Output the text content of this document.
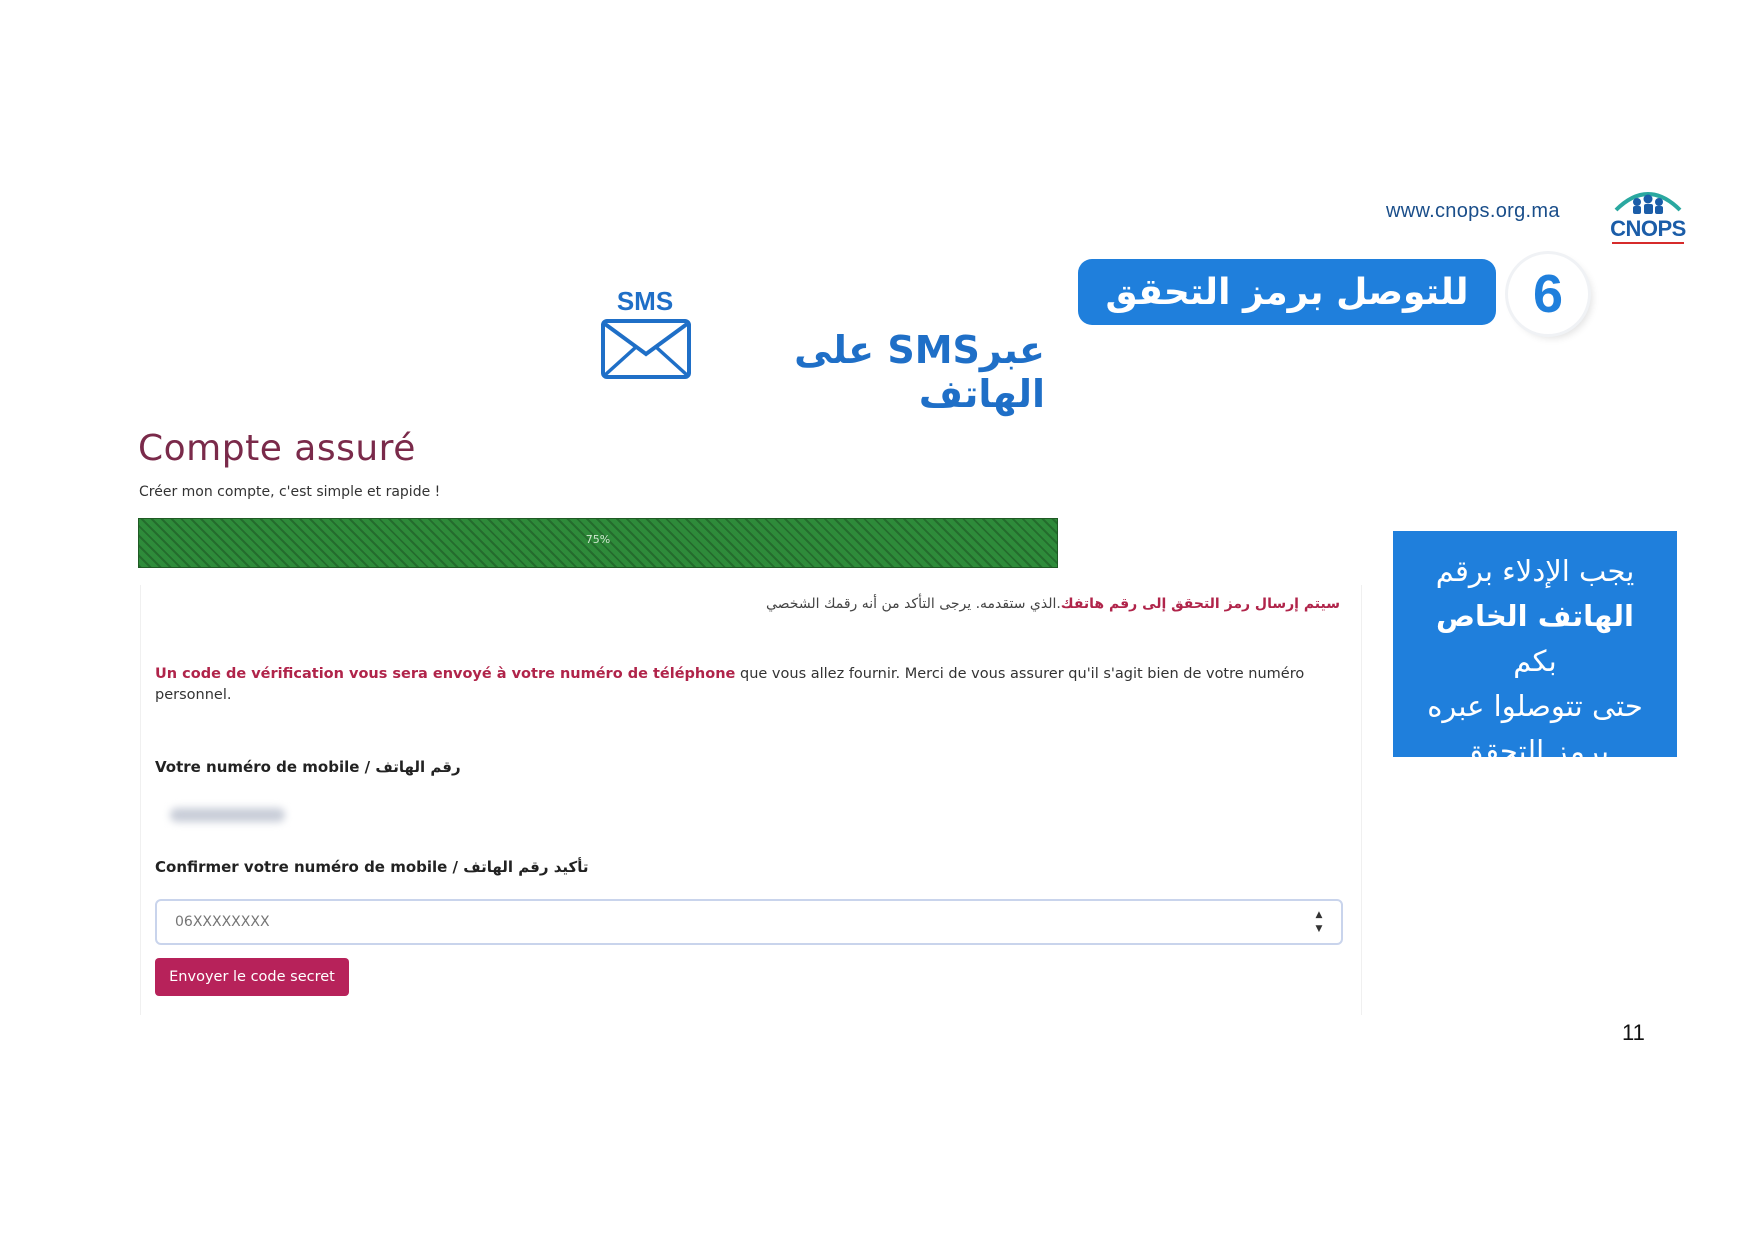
www.cnops.org.ma
CNOPS
6
للتوصل برمز التحقق
SMS
عبرSMS على الهاتف
Compte assuré
Créer mon compte, c'est simple et rapide !
75%
سيتم إرسال رمز التحقق إلى رقم هاتفك.الذي ستقدمه. يرجى التأكد من أنه رقمك الشخصي
Un code de vérification vous sera envoyé à votre numéro de téléphone que vous allez fournir. Merci de vous assurer qu'il s'agit bien de votre numéro personnel.
Votre numéro de mobile / رقم الهاتف
Confirmer votre numéro de mobile / تأكيد رقم الهاتف
06XXXXXXXX
▲
▼
Envoyer le code secret
يجب الإدلاء برقم
الهاتف الخاص بكم
حتى تتوصلوا عبره
برمز التحقق
11
